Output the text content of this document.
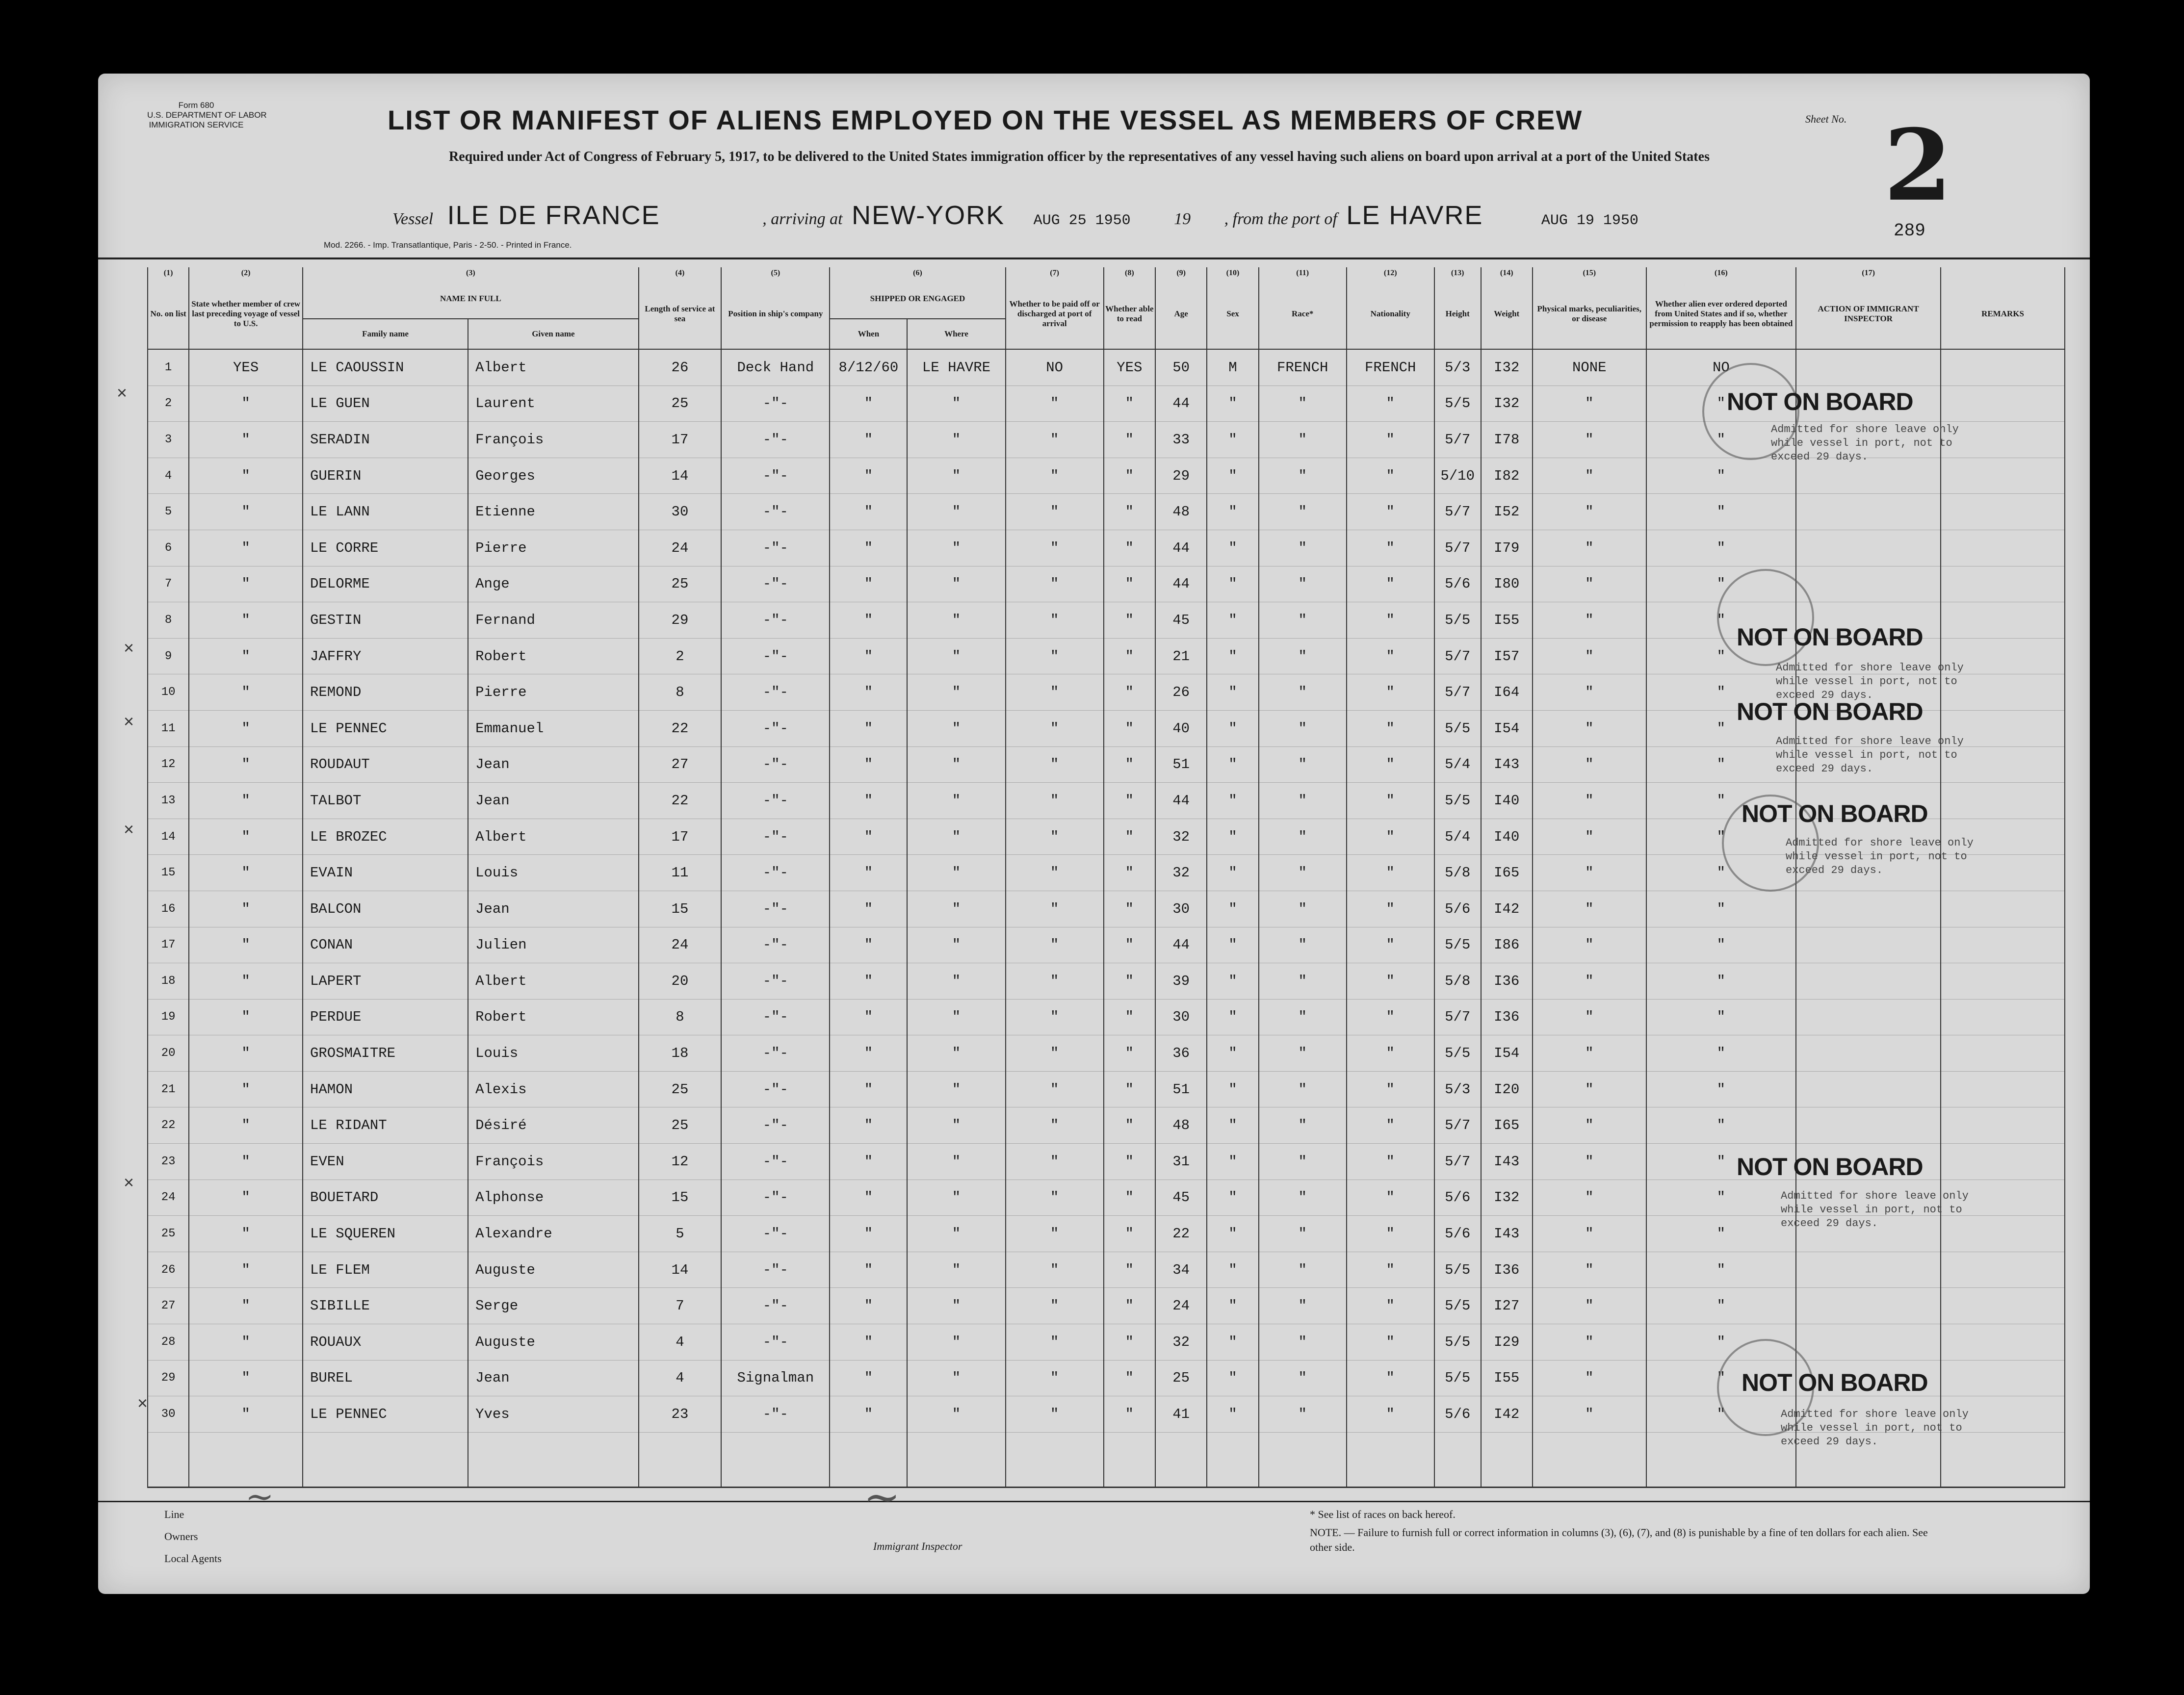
Form 680
U.S. DEPARTMENT OF LABOR
IMMIGRATION SERVICE	LIST OR MANIFEST OF ALIENS EMPLOYED ON THE VESSEL AS MEMBERS OF CREW	Sheet No. 2
289
Required under Act of Congress of February 5, 1917, to be delivered to the United States immigration officer by the representatives of any vessel having such aliens on board upon arrival at a port of the United States
Vessel ILE DE FRANCE	, arriving at NEW-YORK AUG 25 1950	19 , from the port of LE HAVRE	AUG 19 1950
Mod. 2266. - Imp. Transatlantique, Paris - 2-50. - Printed in France.
(1)	(2)	(3)		(4)	(5)	(6)		(7)	(8)	(9)	(10)	(11)	(12)	(13)	(14)	(15)	(16)	(17)	
No. on list	State whether member of crew last preceding voyage of vessel to U.S.	NAME IN FULL		Length of service at sea	Position in ship's company	SHIPPED OR ENGAGED		Whether to be paid off or discharged at port of arrival	Whether able to read	Age	Sex	Race*	Nationality	Height	Weight	Physical marks, peculiarities, or disease	Whether alien ever ordered deported from United States and if so, whether permission to reapply has been obtained	ACTION OF IMMIGRANT INSPECTOR	REMARKS
		Family name	Given name			When	Where												
1	YES	LE CAOUSSIN	Albert	26	Deck Hand	8/12/60	LE HAVRE	NO	YES	50	M	FRENCH	FRENCH	5/3	I32	NONE	NO		
2	"	LE GUEN	Laurent	25	-"-	"	"	"	"	44	"	"	"	5/5	I32	"	"		
3	"	SERADIN	François	17	-"-	"	"	"	"	33	"	"	"	5/7	I78	"	"		
4	"	GUERIN	Georges	14	-"-	"	"	"	"	29	"	"	"	5/10	I82	"	"		
5	"	LE LANN	Etienne	30	-"-	"	"	"	"	48	"	"	"	5/7	I52	"	"		
6	"	LE CORRE	Pierre	24	-"-	"	"	"	"	44	"	"	"	5/7	I79	"	"		
7	"	DELORME	Ange	25	-"-	"	"	"	"	44	"	"	"	5/6	I80	"	"		
8	"	GESTIN	Fernand	29	-"-	"	"	"	"	45	"	"	"	5/5	I55	"	"		
9	"	JAFFRY	Robert	2	-"-	"	"	"	"	21	"	"	"	5/7	I57	"	"		
10	"	REMOND	Pierre	8	-"-	"	"	"	"	26	"	"	"	5/7	I64	"	"		
11	"	LE PENNEC	Emmanuel	22	-"-	"	"	"	"	40	"	"	"	5/5	I54	"	"		
12	"	ROUDAUT	Jean	27	-"-	"	"	"	"	51	"	"	"	5/4	I43	"	"		
13	"	TALBOT	Jean	22	-"-	"	"	"	"	44	"	"	"	5/5	I40	"	"		
14	"	LE BROZEC	Albert	17	-"-	"	"	"	"	32	"	"	"	5/4	I40	"	"		
15	"	EVAIN	Louis	11	-"-	"	"	"	"	32	"	"	"	5/8	I65	"	"		
16	"	BALCON	Jean	15	-"-	"	"	"	"	30	"	"	"	5/6	I42	"	"		
17	"	CONAN	Julien	24	-"-	"	"	"	"	44	"	"	"	5/5	I86	"	"		
18	"	LAPERT	Albert	20	-"-	"	"	"	"	39	"	"	"	5/8	I36	"	"		
19	"	PERDUE	Robert	8	-"-	"	"	"	"	30	"	"	"	5/7	I36	"	"		
20	"	GROSMAITRE	Louis	18	-"-	"	"	"	"	36	"	"	"	5/5	I54	"	"		
21	"	HAMON	Alexis	25	-"-	"	"	"	"	51	"	"	"	5/3	I20	"	"		
22	"	LE RIDANT	Désiré	25	-"-	"	"	"	"	48	"	"	"	5/7	I65	"	"		
23	"	EVEN	François	12	-"-	"	"	"	"	31	"	"	"	5/7	I43	"	"		
24	"	BOUETARD	Alphonse	15	-"-	"	"	"	"	45	"	"	"	5/6	I32	"	"		
25	"	LE SQUEREN	Alexandre	5	-"-	"	"	"	"	22	"	"	"	5/6	I43	"	"		
26	"	LE FLEM	Auguste	14	-"-	"	"	"	"	34	"	"	"	5/5	I36	"	"		
27	"	SIBILLE	Serge	7	-"-	"	"	"	"	24	"	"	"	5/5	I27	"	"		
28	"	ROUAUX	Auguste	4	-"-	"	"	"	"	32	"	"	"	5/5	I29	"	"		
29	"	BUREL	Jean	4	Signalman	"	"	"	"	25	"	"	"	5/5	I55	"	"		
30	"	LE PENNEC	Yves	23	-"-	"	"	"	"	41	"	"	"	5/6	I42	"	"		

NOT ON BOARD
Admitted for shore leave only while vessel in port, not to exceed 29 days.
NOT ON BOARD
Admitted for shore leave only while vessel in port, not to exceed 29 days.
NOT ON BOARD
Admitted for shore leave only while vessel in port, not to exceed 29 days.
NOT ON BOARD
Admitted for shore leave only while vessel in port, not to exceed 29 days.
NOT ON BOARD
Admitted for shore leave only while vessel in port, not to exceed 29 days.
NOT ON BOARD
Admitted for shore leave only while vessel in port, not to exceed 29 days.
×
×
×
×
×
×
Line
Owners
Local Agents
~	~
Immigrant Inspector
* See list of races on back hereof.
NOTE. — Failure to furnish full or correct information in columns (3), (6), (7), and (8) is punishable by a fine of ten dollars for each alien. See other side.
